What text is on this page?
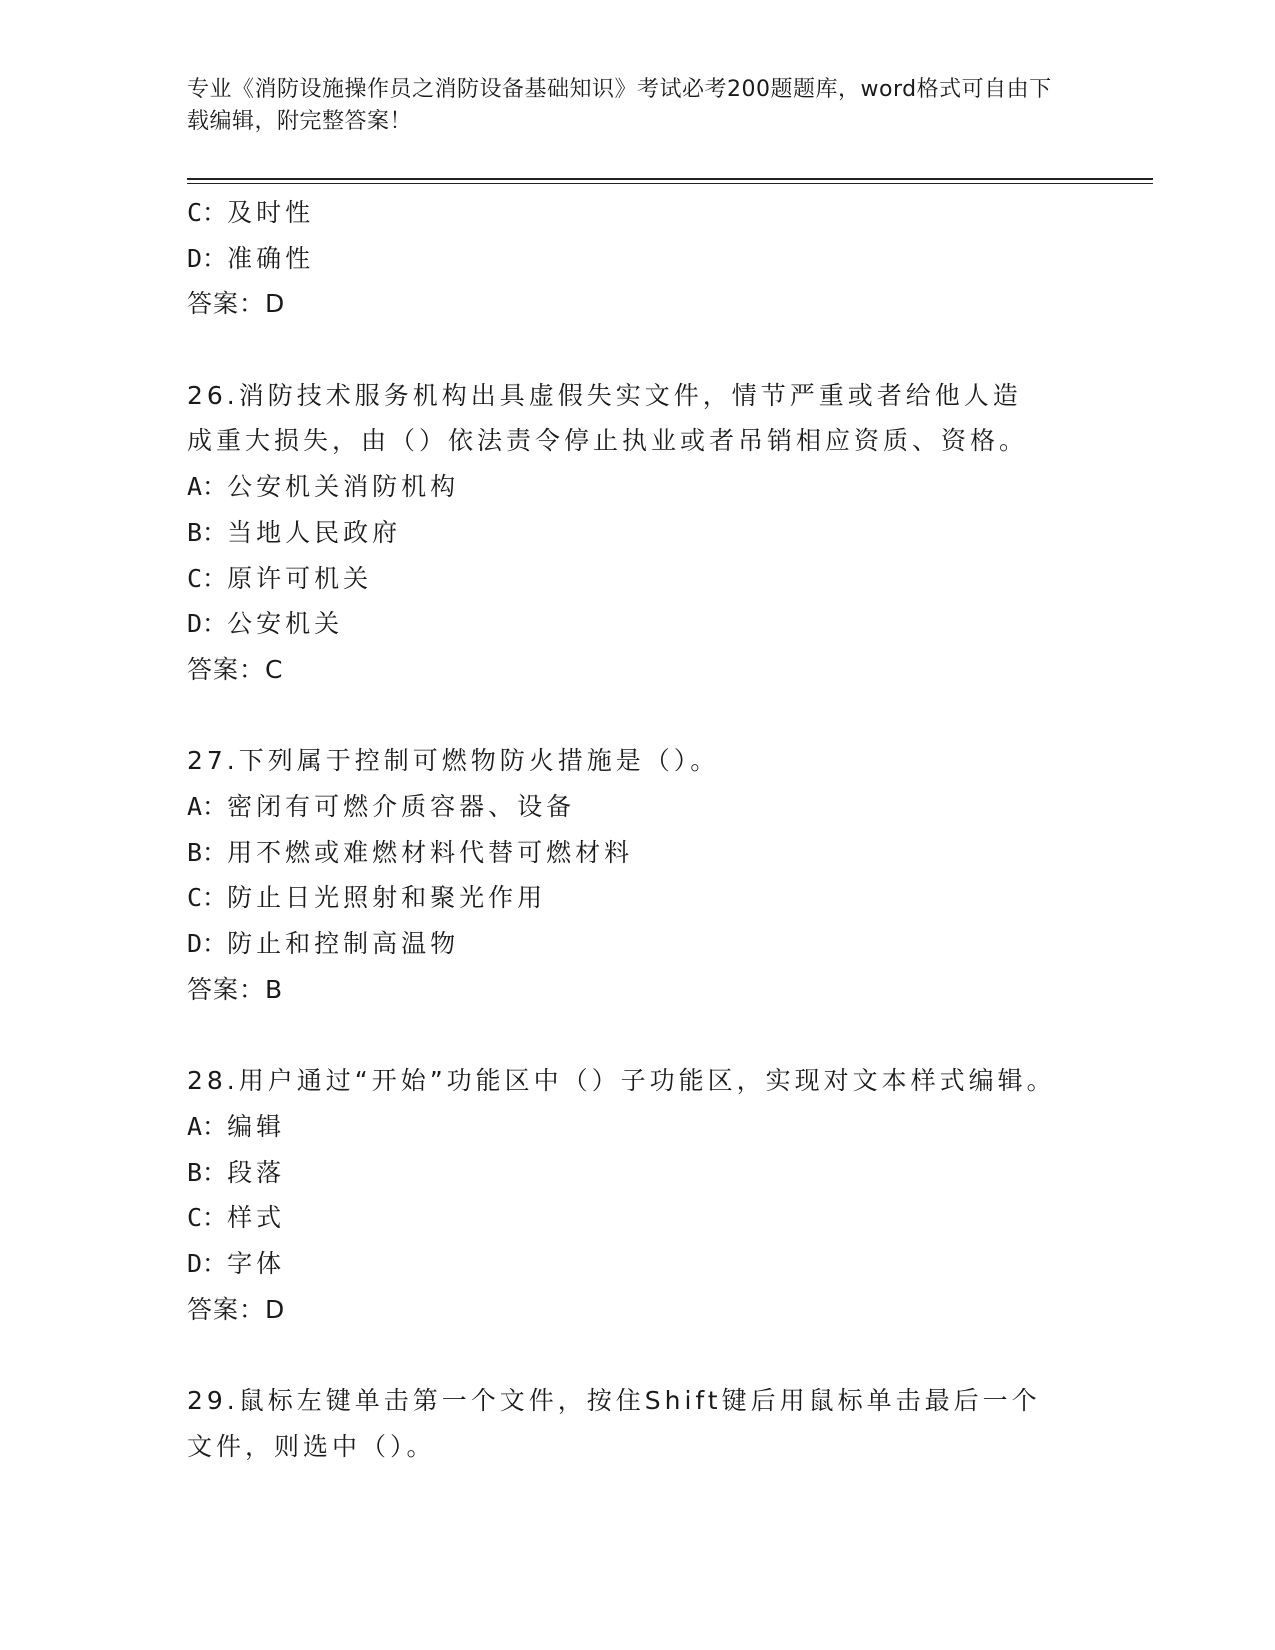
专业《消防设施操作员之消防设备基础知识》考试必考200题题库，word格式可自由下载编辑，附完整答案！
C：及时性
D：准确性
答案：D
26.消防技术服务机构出具虚假失实文件，情节严重或者给他人造成重大损失，由（）依法责令停止执业或者吊销相应资质、资格。
A：公安机关消防机构
B：当地人民政府
C：原许可机关
D：公安机关
答案：C
27.下列属于控制可燃物防火措施是（）。
A：密闭有可燃介质容器、设备
B：用不燃或难燃材料代替可燃材料
C：防止日光照射和聚光作用
D：防止和控制高温物
答案：B
28.用户通过“开始”功能区中（）子功能区，实现对文本样式编辑。
A：编辑
B：段落
C：样式
D：字体
答案：D
29.鼠标左键单击第一个文件，按住Shift键后用鼠标单击最后一个文件，则选中（）。
